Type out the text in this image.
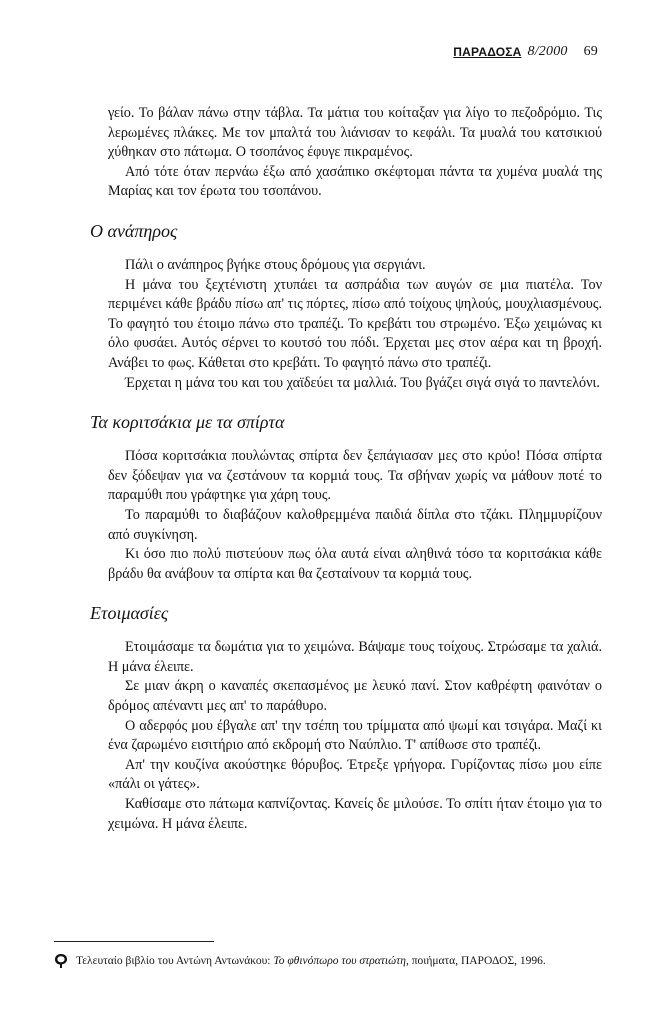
ΠΑΡΑΔΟΣΑ 8/2000 69

γείο. Το βάλαν πάνω στην τάβλα. Τα μάτια του κοίταξαν για λίγο το πεζοδρόμιο. Τις λερωμένες πλάκες. Με τον μπαλτά του λιάνισαν το κεφάλι. Τα μυαλά του κατσικιού χύθηκαν στο πάτωμα. Ο τσοπάνος έφυγε πικραμένος.

Από τότε όταν περνάω έξω από χασάπικο σκέφτομαι πάντα τα χυμένα μυαλά της Μαρίας και τον έρωτα του τσοπάνου.

Ο ανάπηρος

Πάλι ο ανάπηρος βγήκε στους δρόμους για σεργιάνι.

Η μάνα του ξεχτένιστη χτυπάει τα ασπράδια των αυγών σε μια πιατέλα. Τον περιμένει κάθε βράδυ πίσω απ' τις πόρτες, πίσω από τοίχους ψηλούς, μουχλιασμένους. Το φαγητό του έτοιμο πάνω στο τραπέζι. Το κρεβάτι του στρωμένο. Έξω χειμώνας κι όλο φυσάει. Αυτός σέρνει το κουτσό του πόδι. Έρχεται μες στον αέρα και τη βροχή. Ανάβει το φως. Κάθεται στο κρεβάτι. Το φαγητό πάνω στο τραπέζι.

Έρχεται η μάνα του και του χαϊδεύει τα μαλλιά. Του βγάζει σιγά σιγά το παντελόνι.

Τα κοριτσάκια με τα σπίρτα

Πόσα κοριτσάκια πουλώντας σπίρτα δεν ξεπάγιασαν μες στο κρύο! Πόσα σπίρτα δεν ξόδεψαν για να ζεστάνουν τα κορμιά τους. Τα σβήναν χωρίς να μάθουν ποτέ το παραμύθι που γράφτηκε για χάρη τους.

Το παραμύθι το διαβάζουν καλοθρεμμένα παιδιά δίπλα στο τζάκι. Πλημμυρίζουν από συγκίνηση.

Κι όσο πιο πολύ πιστεύουν πως όλα αυτά είναι αληθινά τόσο τα κοριτσάκια κάθε βράδυ θα ανάβουν τα σπίρτα και θα ζεσταίνουν τα κορμιά τους.

Ετοιμασίες

Ετοιμάσαμε τα δωμάτια για το χειμώνα. Βάψαμε τους τοίχους. Στρώσαμε τα χαλιά. Η μάνα έλειπε.

Σε μιαν άκρη ο καναπές σκεπασμένος με λευκό πανί. Στον καθρέφτη φαινόταν ο δρόμος απέναντι μες απ' το παράθυρο.

Ο αδερφός μου έβγαλε απ' την τσέπη του τρίμματα από ψωμί και τσιγάρα. Μαζί κι ένα ζαρωμένο εισιτήριο από εκδρομή στο Ναύπλιο. Τ' απίθωσε στο τραπέζι.

Απ' την κουζίνα ακούστηκε θόρυβος. Έτρεξε γρήγορα. Γυρίζοντας πίσω μου είπε «πάλι οι γάτες».

Καθίσαμε στο πάτωμα καπνίζοντας. Κανείς δε μιλούσε. Το σπίτι ήταν έτοιμο για το χειμώνα. Η μάνα έλειπε.

Τελευταίο βιβλίο του Αντώνη Αντωνάκου: Το φθινόπωρο του στρατιώτη, ποιήματα, ΠΑΡΟΔΟΣ, 1996.
